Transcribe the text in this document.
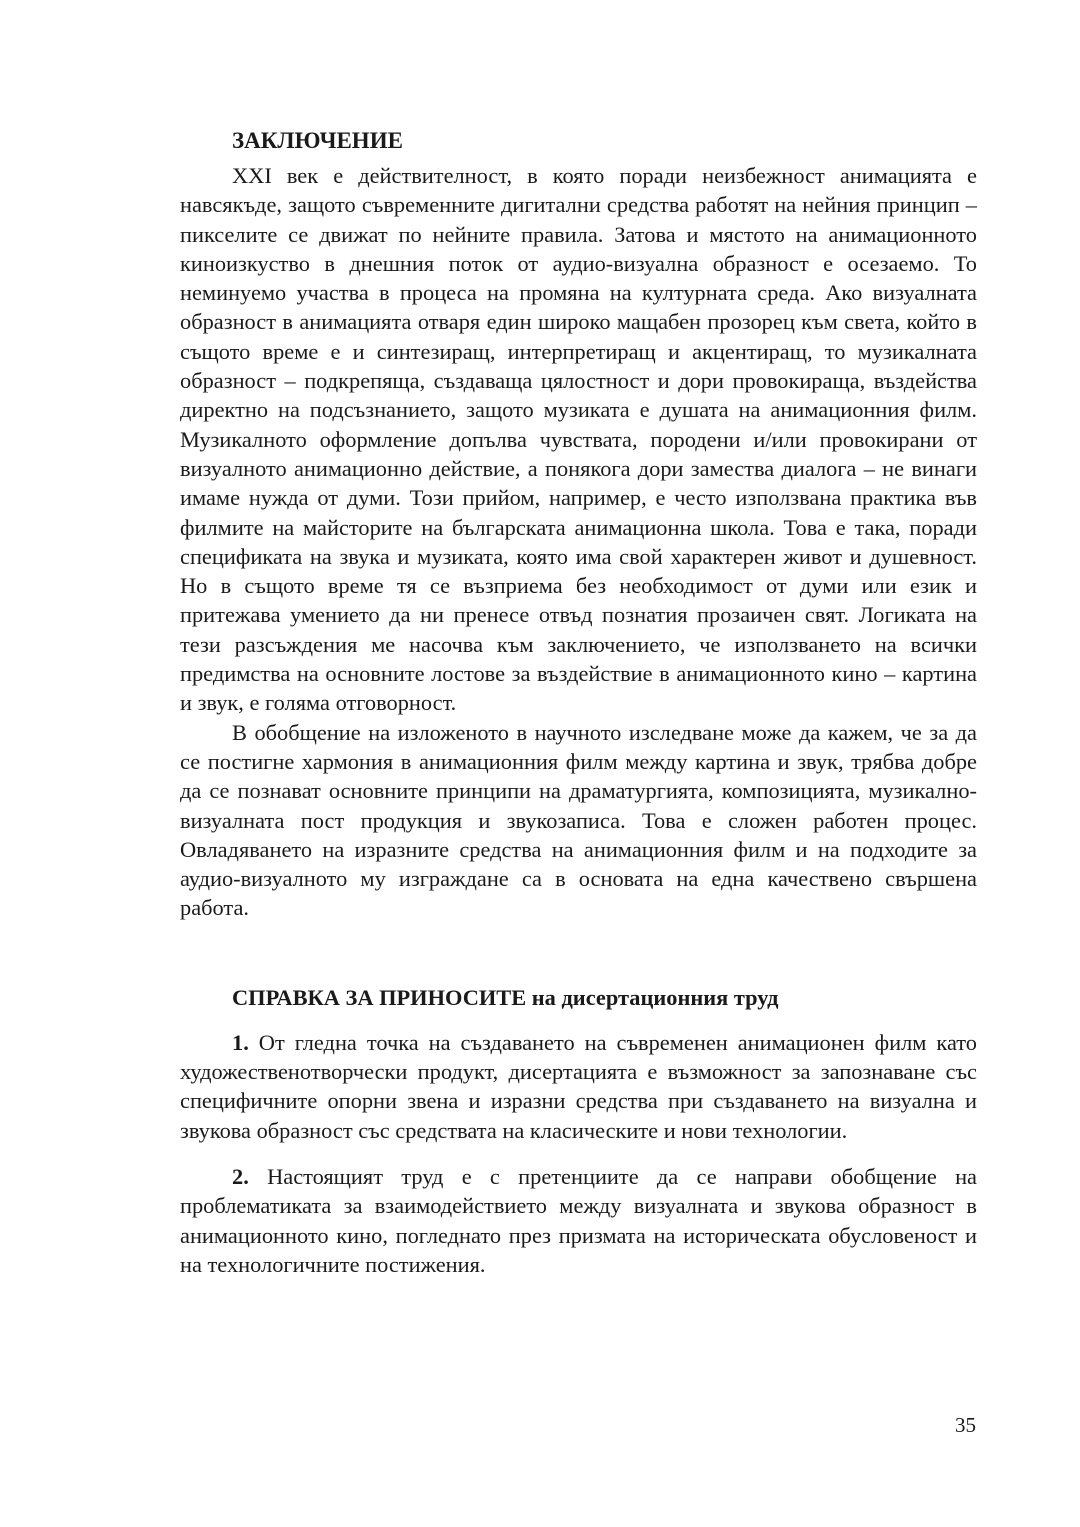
ЗАКЛЮЧЕНИЕ

XXI век е действителност, в която поради неизбежност анимацията е навсякъде, защото съвременните дигитални средства работят на нейния принцип – пикселите се движат по нейните правила. Затова и мястото на анимационното киноизкуство в днешния поток от аудио-визуална образност е осезаемо. То неминуемо участва в процеса на промяна на културната среда. Ако визуалната образност в анимацията отваря един широко мащабен прозорец към света, който в същото време е и синтезиращ, интерпретиращ и акцентиращ, то музикалната образност – подкрепяща, създаваща цялостност и дори провокираща, въздейства директно на подсъзнанието, защото музиката е душата на анимационния филм. Музикалното оформление допълва чувствата, породени и/или провокирани от визуалното анимационно действие, а понякога дори замества диалога – не винаги имаме нужда от думи. Този прийом, например, е често използвана практика във филмите на майсторите на българската анимационна школа. Това е така, поради спецификата на звука и музиката, която има свой характерен живот и душевност. Но в същото време тя се възприема без необходимост от думи или език и притежава умението да ни пренесе отвъд познатия прозаичен свят. Логиката на тези разсъждения ме насочва към заключението, че използването на всички предимства на основните лостове за въздействие в анимационното кино – картина и звук, е голяма отговорност.

В обобщение на изложеното в научното изследване може да кажем, че за да се постигне хармония в анимационния филм между картина и звук, трябва добре да се познават основните принципи на драматургията, композицията, музикално-визуалната пост продукция и звукозаписа. Това е сложен работен процес. Овладяването на изразните средства на анимационния филм и на подходите за аудио-визуалното му изграждане са в основата на една качествено свършена работа.

СПРАВКА ЗА ПРИНОСИТЕ на дисертационния труд

1. От гледна точка на създаването на съвременен анимационен филм като художественотворчески продукт, дисертацията е възможност за запознаване със специфичните опорни звена и изразни средства при създаването на визуална и звукова образност със средствата на класическите и нови технологии.

2. Настоящият труд е с претенциите да се направи обобщение на проблематиката за взаимодействието между визуалната и звукова образност в анимационното кино, погледнато през призмата на историческата обусловеност и на технологичните постижения.

35
